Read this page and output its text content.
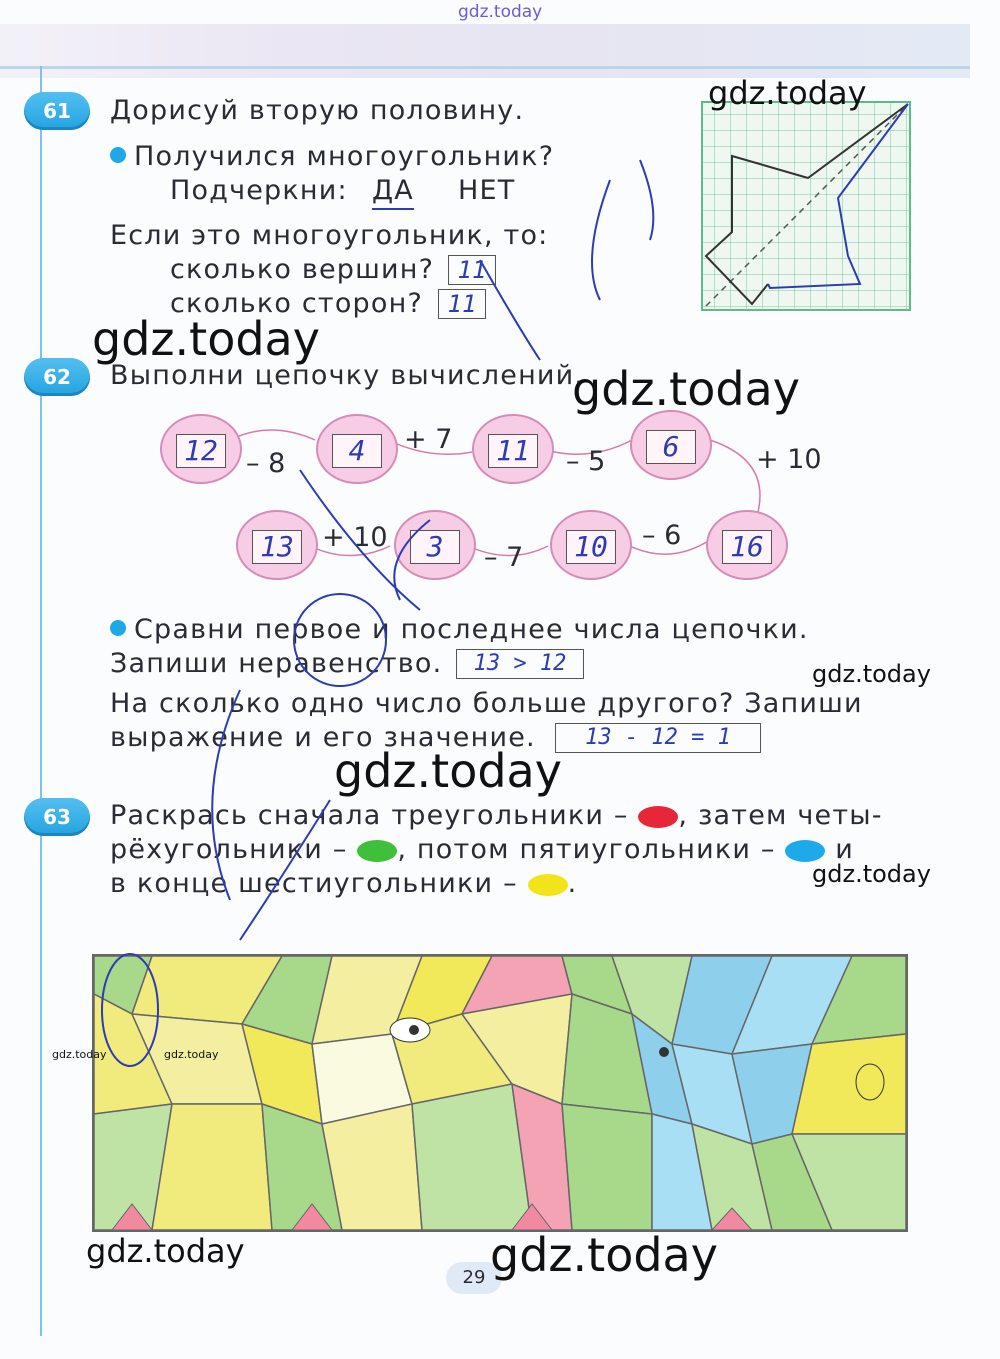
gdz.today
61	Дорисуй вторую половину.
Получился многоугольник?
Подчеркни: ДА НЕТ
Если это многоугольник, то:
сколько вершин? 11
сколько сторон?	11
62	Выполни цепочку вычислений.
12	4	11	6
16
10
3
13
– 8
+ 7
– 5	+ 10
– 6
– 7
+ 10
Сравни первое и последнее числа цепочки.
Запиши неравенство.	13 > 12
На сколько одно число больше другого? Запиши
выражение и его значение.	13 - 12 = 1
63	Раскрась сначала треугольники – , затем четы-
рёхугольники – , потом пятиугольники – и
в конце шестиугольники – .
29
gdz.today
gdz.today
gdz.today
gdz.today
gdz.today
gdz.today
gdz.today	gdz.today
gdz.today	gdz.today
